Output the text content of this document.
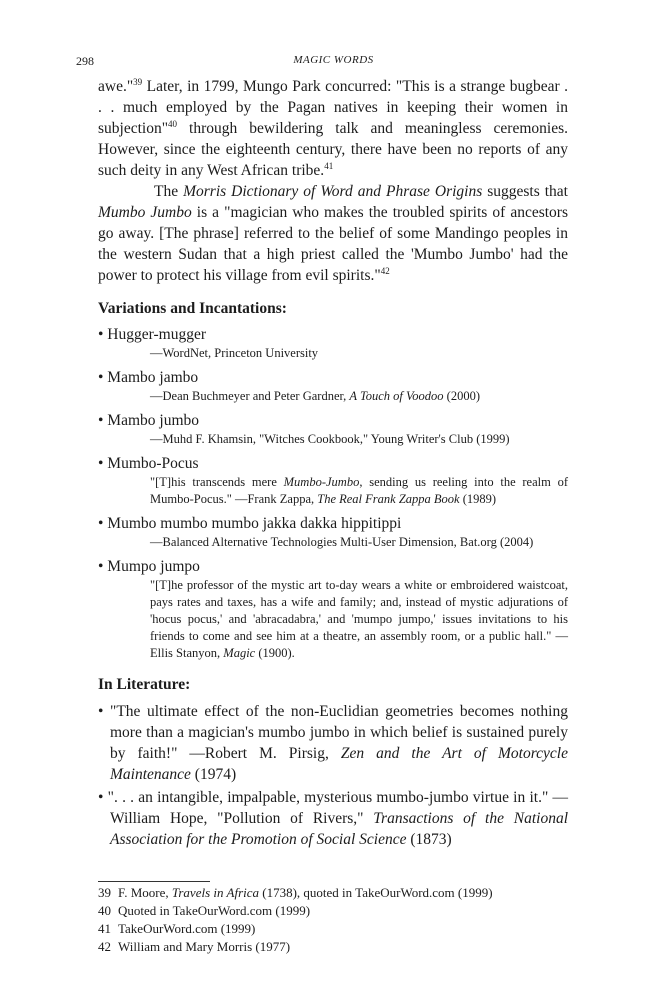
298	MAGIC WORDS

awe."$^{39}$ Later, in 1799, Mungo Park concurred: "This is a strange bugbear . . . much employed by the Pagan natives in keeping their women in subjection"$^{40}$ through bewildering talk and meaningless ceremonies. However, since the eighteenth century, there have been no reports of any such deity in any West African tribe.$^{41}$

The Morris Dictionary of Word and Phrase Origins suggests that Mumbo Jumbo is a "magician who makes the troubled spirits of ancestors go away. [The phrase] referred to the belief of some Mandingo peoples in the western Sudan that a high priest called the 'Mumbo Jumbo' had the power to protect his village from evil spirits."$^{42}$

Variations and Incantations:
• Hugger-mugger
—WordNet, Princeton University
• Mambo jambo
—Dean Buchmeyer and Peter Gardner, A Touch of Voodoo (2000)
• Mambo jumbo
—Muhd F. Khamsin, "Witches Cookbook," Young Writer's Club (1999)
• Mumbo-Pocus
"[T]his transcends mere Mumbo-Jumbo, sending us reeling into the realm of Mumbo-Pocus." —Frank Zappa, The Real Frank Zappa Book (1989)
• Mumbo mumbo mumbo jakka dakka hippitippi
—Balanced Alternative Technologies Multi-User Dimension, Bat.org (2004)
• Mumpo jumpo
"[T]he professor of the mystic art to-day wears a white or embroidered waistcoat, pays rates and taxes, has a wife and family; and, instead of mystic adjurations of 'hocus pocus,' and 'abracadabra,' and 'mumpo jumpo,' issues invitations to his friends to come and see him at a theatre, an assembly room, or a public hall." —Ellis Stanyon, Magic (1900).
In Literature:
• "The ultimate effect of the non-Euclidian geometries becomes nothing more than a magician's mumbo jumbo in which belief is sustained purely by faith!" —Robert M. Pirsig, Zen and the Art of Motorcycle Maintenance (1974)
• ". . . an intangible, impalpable, mysterious mumbo-jumbo virtue in it." —William Hope, "Pollution of Rivers," Transactions of the National Association for the Promotion of Social Science (1873)
39 F. Moore, Travels in Africa (1738), quoted in TakeOurWord.com (1999)
40 Quoted in TakeOurWord.com (1999)
41 TakeOurWord.com (1999)
42 William and Mary Morris (1977)
